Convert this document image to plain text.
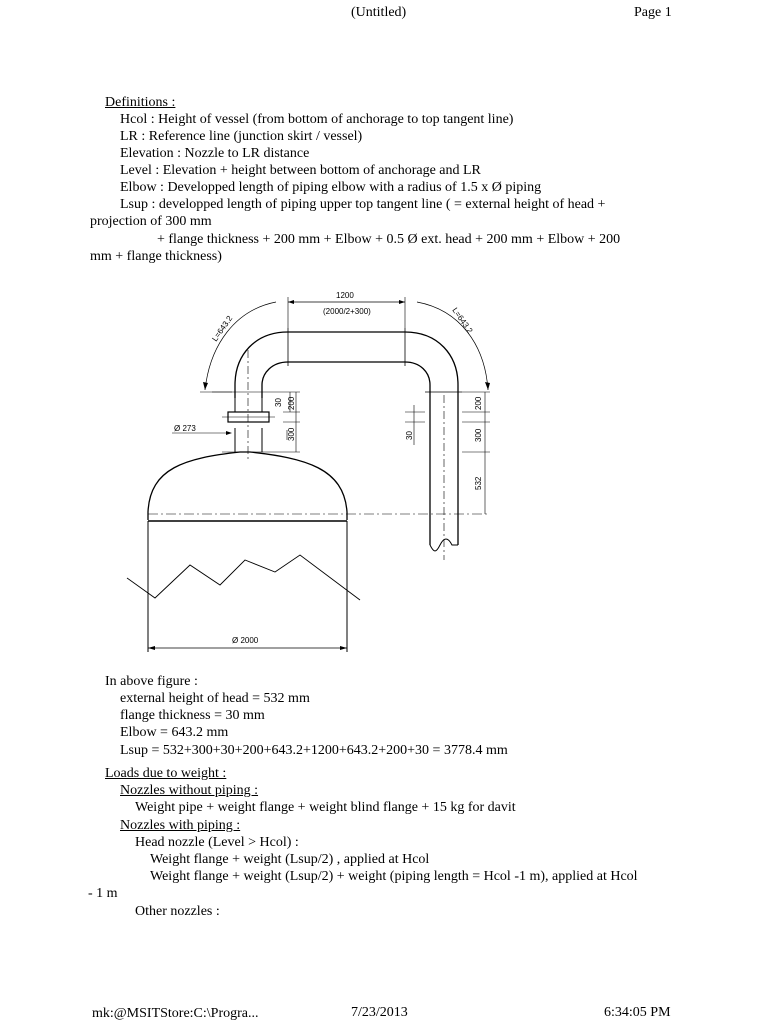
(Untitled)	Page 1
Definitions :
Hcol : Height of vessel (from bottom of anchorage to top tangent line)
LR : Reference line (junction skirt / vessel)
Elevation : Nozzle to LR distance
Level : Elevation + height between bottom of anchorage and LR
Elbow : Developped length of piping elbow with a radius of 1.5 x Ø piping
Lsup : developped length of piping upper top tangent line ( = external height of head +
projection of 300 mm
+ flange thickness + 200 mm + Elbow + 0.5 Ø ext. head + 200 mm + Elbow + 200
mm + flange thickness)
1200
(2000/2+300)
L=643.2	L=643.2
30 200
300	30
200
300
532
Ø 273
Ø 2000
In above figure :
external height of head = 532 mm
flange thickness = 30 mm
Elbow = 643.2 mm
Lsup = 532+300+30+200+643.2+1200+643.2+200+30 = 3778.4 mm
Loads due to weight :
Nozzles without piping :
Weight pipe + weight flange + weight blind flange + 15 kg for davit
Nozzles with piping :
Head nozzle (Level > Hcol) :
Weight flange + weight (Lsup/2) , applied at Hcol
Weight flange + weight (Lsup/2) + weight (piping length = Hcol -1 m), applied at Hcol
- 1 m
Other nozzles :
mk:@MSITStore:C:\Progra...	7/23/2013	6:34:05 PM
